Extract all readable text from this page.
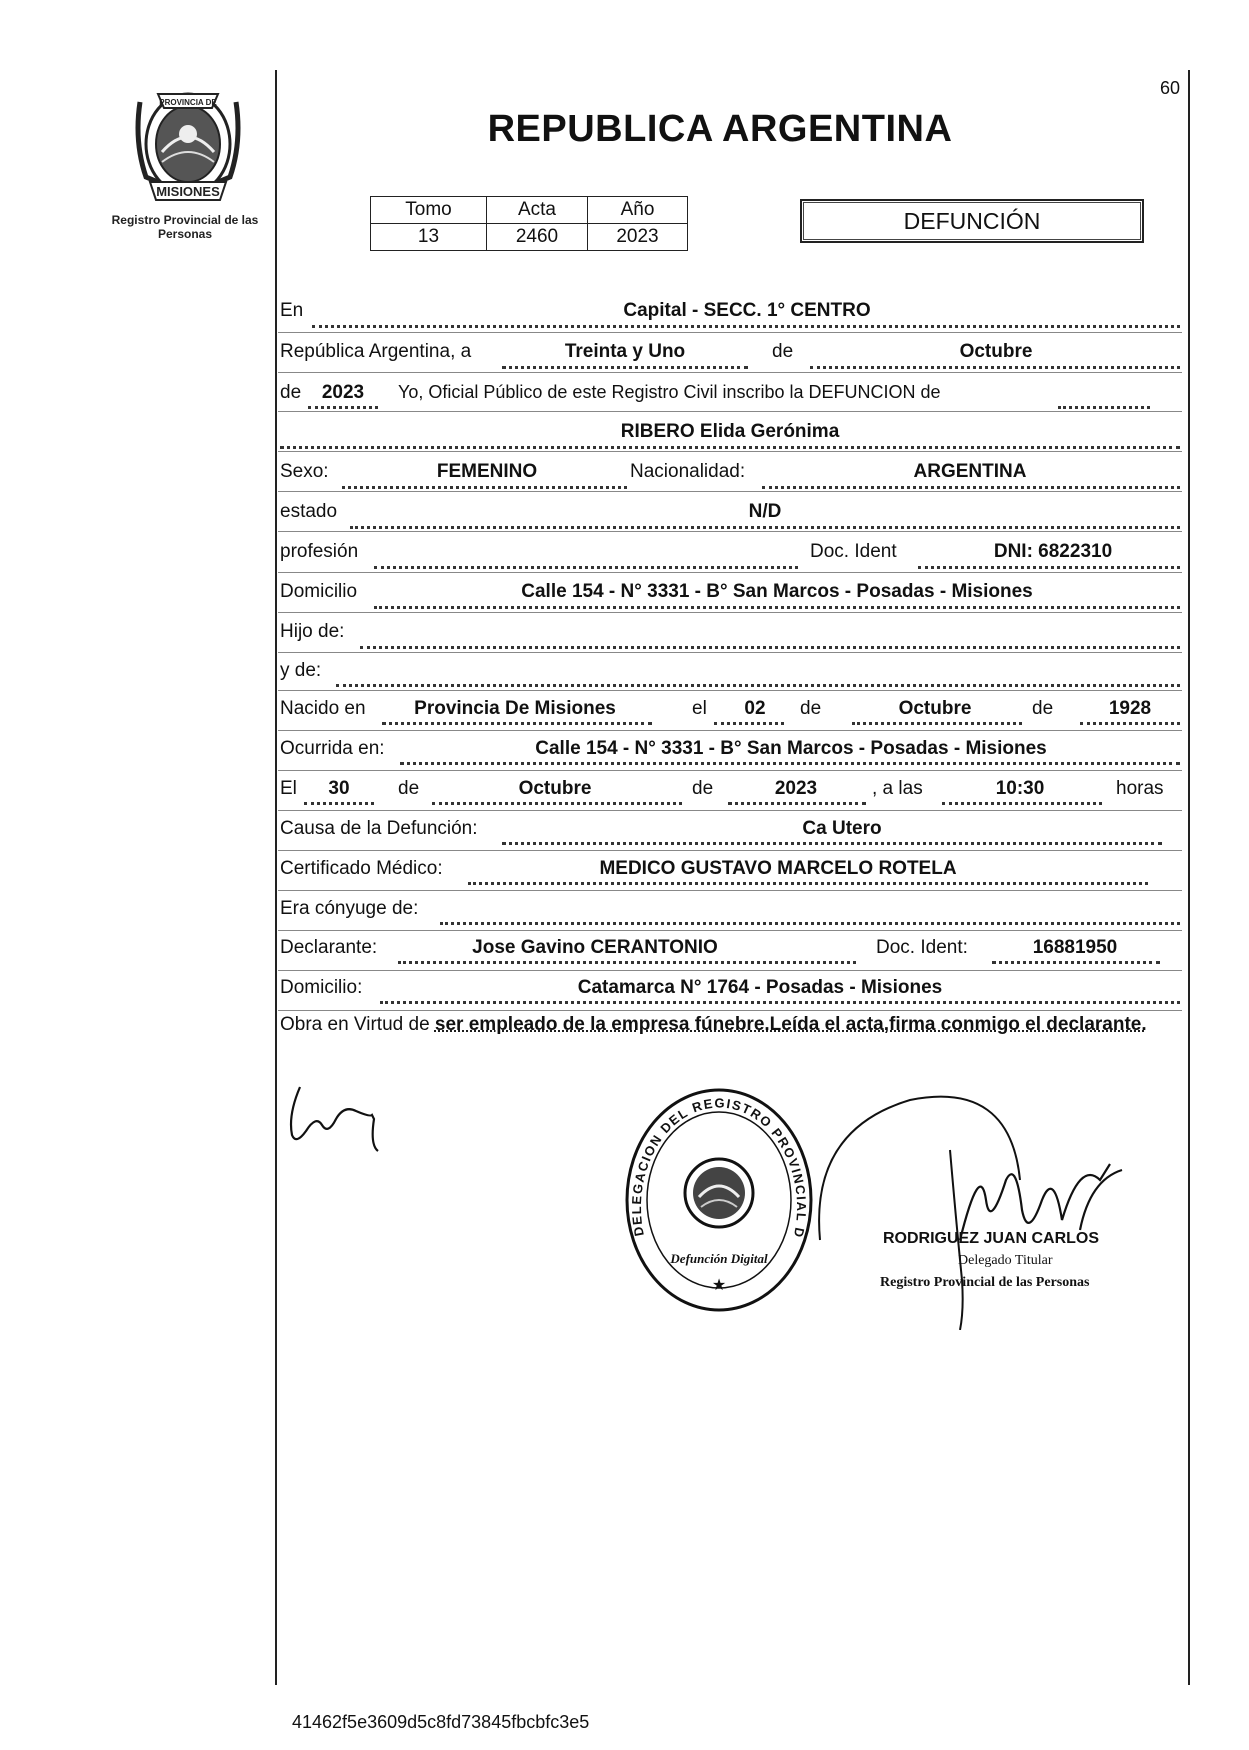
MISIONES
PROVINCIA DE
Registro Provincial de las Personas
60
REPUBLICA ARGENTINA
Tomo	Acta	Año
13	2460	2023
DEFUNCIÓN
En	Capital - SECC. 1° CENTRO
República Argentina, a	Treinta y Uno	de	Octubre
de	2023	Yo, Oficial Público de este Registro Civil inscribo la DEFUNCION de
RIBERO Elida Gerónima
Sexo:	FEMENINO	Nacionalidad:	ARGENTINA
estado	N/D
profesión	Doc. Ident	DNI: 6822310
Domicilio	Calle 154 - N° 3331 - B° San Marcos - Posadas - Misiones
Hijo de:
y de:
Nacido en	Provincia De Misiones	el	02	de	Octubre	de	1928
Ocurrida en:	Calle 154 - N° 3331 - B° San Marcos - Posadas - Misiones
El	30	de	Octubre	de	2023	, a las	10:30	horas
Causa de la Defunción:	Ca Utero
Certificado Médico:	MEDICO GUSTAVO MARCELO ROTELA
Era cónyuge de:
Declarante:	Jose Gavino CERANTONIO	Doc. Ident:	16881950
Domicilio:	Catamarca N° 1764 - Posadas - Misiones
Obra en Virtud de ser empleado de la empresa fúnebre.Leída el acta,firma conmigo el declarante.
DELEGACION DEL REGISTRO PROVINCIAL D
Defunción Digital
★
RODRIGUEZ JUAN CARLOS
Delegado Titular
Registro Provincial de las Personas
41462f5e3609d5c8fd73845fbcbfc3e5
